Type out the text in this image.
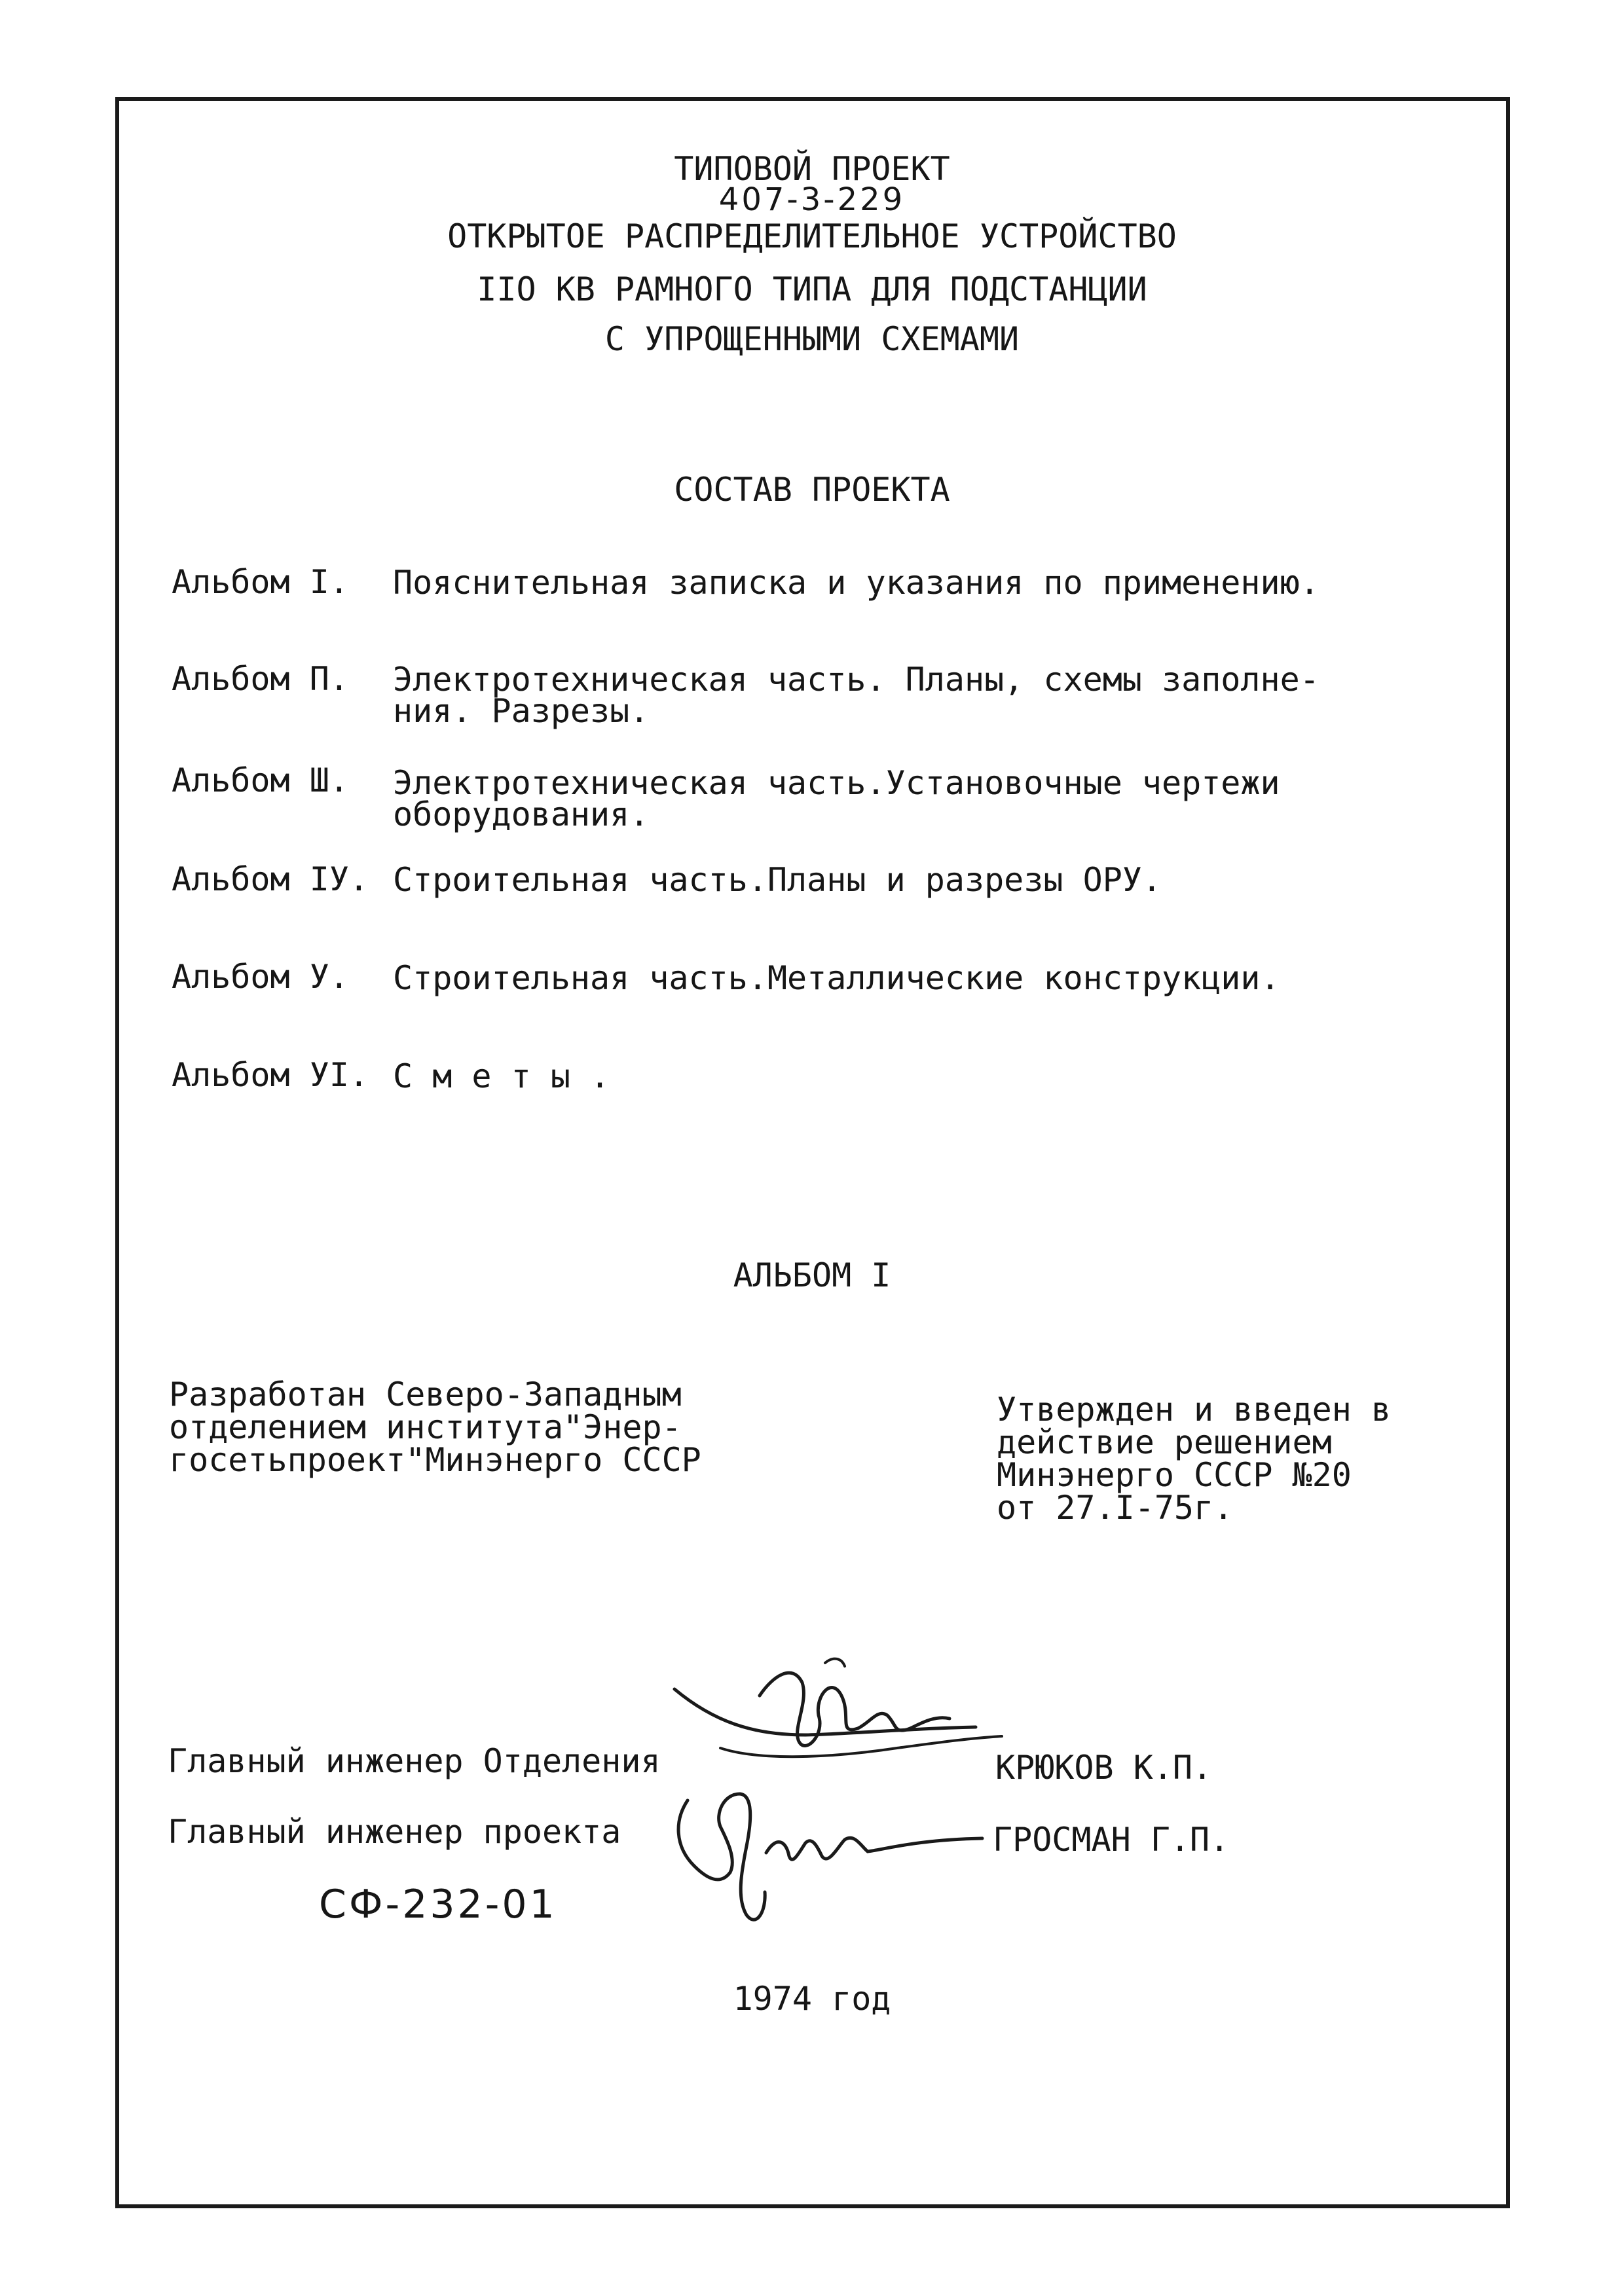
ТИПОВОЙ ПРОЕКТ
407-3-229
ОТКРЫТОЕ РАСПРЕДЕЛИТЕЛЬНОЕ УСТРОЙСТВО
IIO КВ РАМНОГО ТИПА ДЛЯ ПОДСТАНЦИИ
С УПРОЩЕННЫМИ СХЕМАМИ
СОСТАВ ПРОЕКТА
Альбом I. Пояснительная записка и указания по применению.
Альбом П. Электротехническая часть. Планы, схемы заполне-ния. Разрезы.
Альбом Ш. Электротехническая часть.Установочные чертежи оборудования.
Альбом IУ. Строительная часть.Планы и разрезы ОРУ.
Альбом У. Строительная часть.Металлические конструкции.
Альбом УI. С м е т ы .
АЛЬБОМ I
Разработан Северо-Западным
отделением института"Энер-
госетьпроект"Минэнерго СССР
Утвержден и введен в
действие решением
Минэнерго СССР №20
от 27.I-75г.
Главный инженер Отделения	КРЮКОВ К.П.
Главный инженер проекта	ГРОСМАН Г.П.
СФ-232-01
1974 год
